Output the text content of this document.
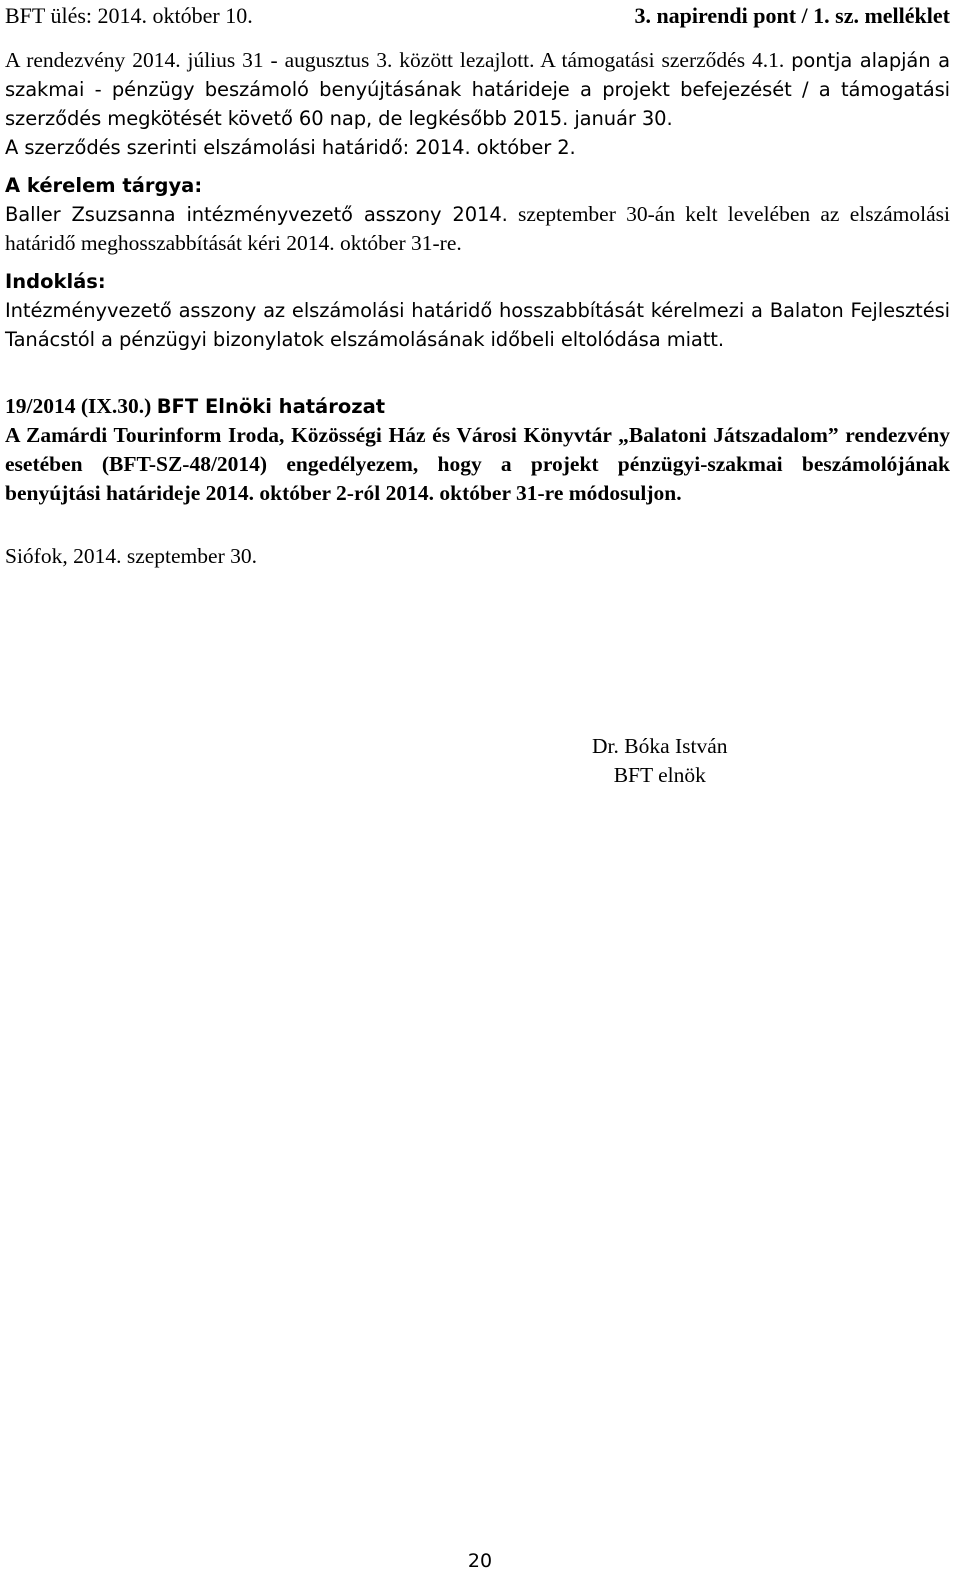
BFT ülés: 2014. október 10.	3. napirendi pont / 1. sz. melléklet

A rendezvény 2014. július 31 - augusztus 3. között lezajlott. A támogatási szerződés 4.1. pontja alapján a szakmai - pénzügy beszámoló benyújtásának határideje a projekt befejezését / a támogatási szerződés megkötését követő 60 nap, de legkésőbb 2015. január 30.

A szerződés szerinti elszámolási határidő: 2014. október 2.

A kérelem tárgya:

Baller Zsuzsanna intézményvezető asszony 2014. szeptember 30-án kelt levelében az elszámolási határidő meghosszabbítását kéri 2014. október 31-re.

Indoklás:

Intézményvezető asszony az elszámolási határidő hosszabbítását kérelmezi a Balaton Fejlesztési Tanácstól a pénzügyi bizonylatok elszámolásának időbeli eltolódása miatt.

19/2014 (IX.30.) BFT Elnöki határozat

A Zamárdi Tourinform Iroda, Közösségi Ház és Városi Könyvtár „Balatoni Játszadalom” rendezvény esetében (BFT-SZ-48/2014) engedélyezem, hogy a projekt pénzügyi-szakmai beszámolójának benyújtási határideje 2014. október 2-ról 2014. október 31-re módosuljon.

Siófok, 2014. szeptember 30.

Dr. Bóka István
BFT elnök
20
